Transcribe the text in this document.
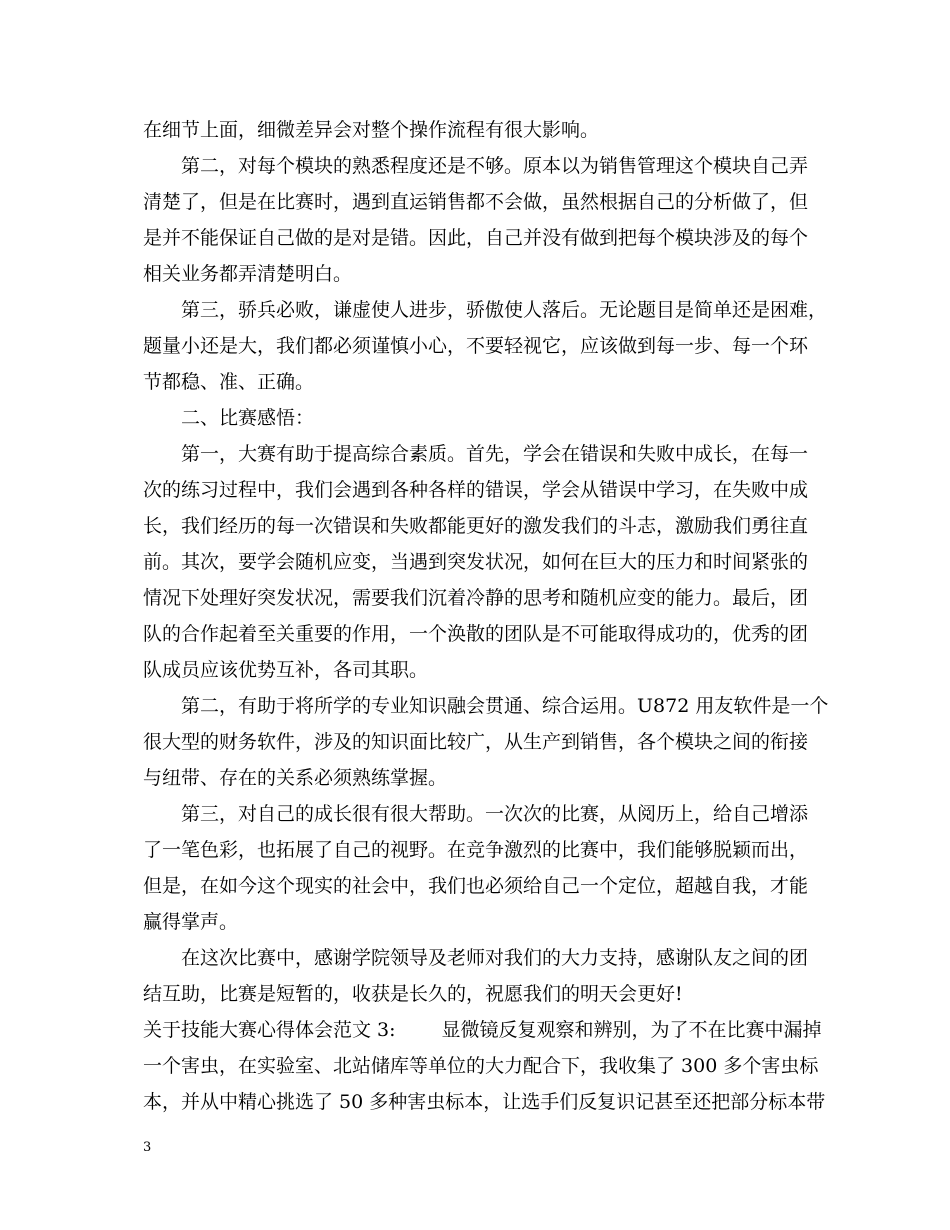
在细节上面，细微差异会对整个操作流程有很大影响。
第二，对每个模块的熟悉程度还是不够。原本以为销售管理这个模块自己弄
清楚了，但是在比赛时，遇到直运销售都不会做，虽然根据自己的分析做了，但
是并不能保证自己做的是对是错。因此，自己并没有做到把每个模块涉及的每个
相关业务都弄清楚明白。
第三，骄兵必败，谦虚使人进步，骄傲使人落后。无论题目是简单还是困难，
题量小还是大，我们都必须谨慎小心，不要轻视它，应该做到每一步、每一个环
节都稳、准、正确。
二、比赛感悟：
第一，大赛有助于提高综合素质。首先，学会在错误和失败中成长，在每一
次的练习过程中，我们会遇到各种各样的错误，学会从错误中学习，在失败中成
长，我们经历的每一次错误和失败都能更好的激发我们的斗志，激励我们勇往直
前。其次，要学会随机应变，当遇到突发状况，如何在巨大的压力和时间紧张的
情况下处理好突发状况，需要我们沉着冷静的思考和随机应变的能力。最后，团
队的合作起着至关重要的作用，一个涣散的团队是不可能取得成功的，优秀的团
队成员应该优势互补，各司其职。
第二，有助于将所学的专业知识融会贯通、综合运用。U872 用友软件是一个
很大型的财务软件，涉及的知识面比较广，从生产到销售，各个模块之间的衔接
与纽带、存在的关系必须熟练掌握。
第三，对自己的成长很有很大帮助。一次次的比赛，从阅历上，给自己增添
了一笔色彩，也拓展了自己的视野。在竞争激烈的比赛中，我们能够脱颖而出，
但是，在如今这个现实的社会中，我们也必须给自己一个定位，超越自我，才能
赢得掌声。
在这次比赛中，感谢学院领导及老师对我们的大力支持，感谢队友之间的团
结互助，比赛是短暂的，收获是长久的，祝愿我们的明天会更好!
关于技能大赛心得体会范文 3: 显微镜反复观察和辨别，为了不在比赛中漏掉
一个害虫，在实验室、北站储库等单位的大力配合下，我收集了 300 多个害虫标
本，并从中精心挑选了 50 多种害虫标本，让选手们反复识记甚至还把部分标本带
3
